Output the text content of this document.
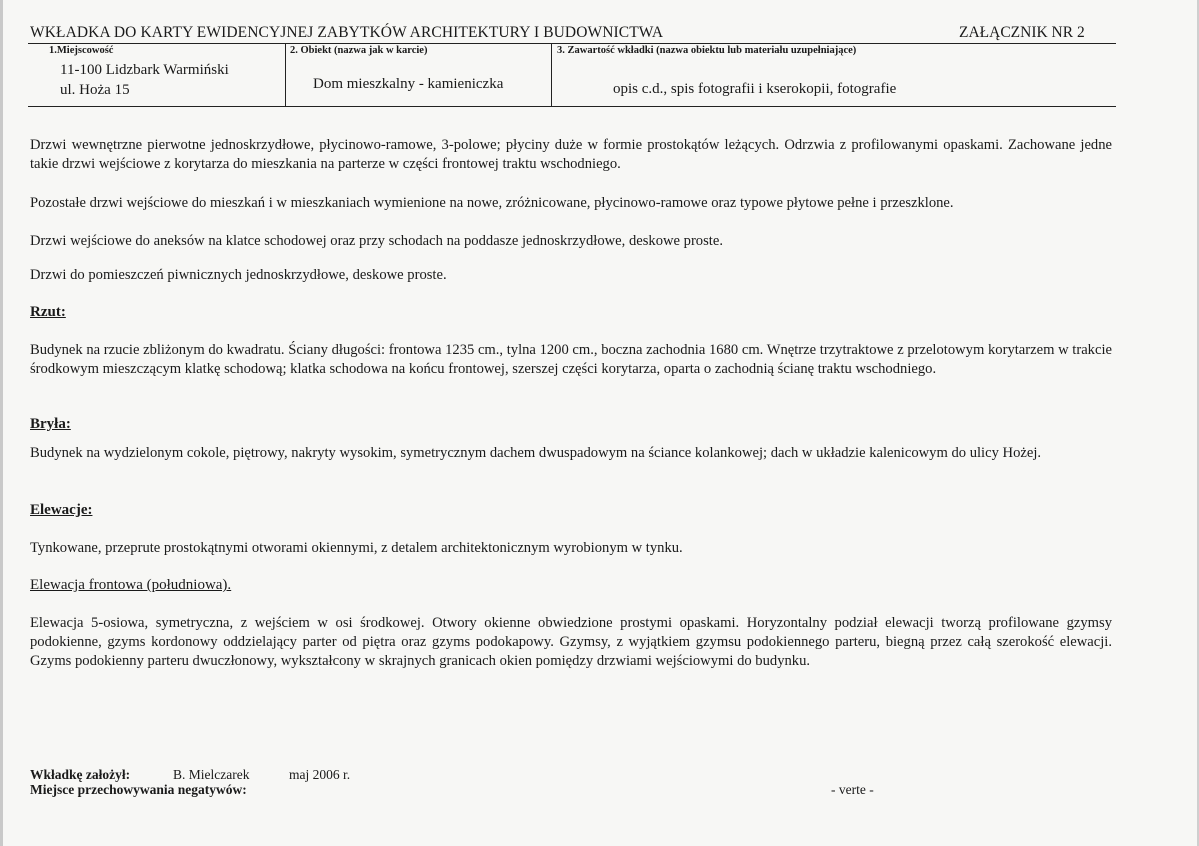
WKŁADKA DO KARTY EWIDENCYJNEJ ZABYTKÓW ARCHITEKTURY I BUDOWNICTWA	ZAŁĄCZNIK NR 2
1.Miejscowość
11-100 Lidzbark Warmiński
ul. Hoża 15
2. Obiekt (nazwa jak w karcie)
Dom mieszkalny - kamieniczka
3. Zawartość wkładki (nazwa obiektu lub materiału uzupełniające)
opis c.d., spis fotografii i kserokopii, fotografie
Drzwi wewnętrzne pierwotne jednoskrzydłowe, płycinowo-ramowe, 3-polowe; płyciny duże w formie prostokątów leżących. Odrzwia z profilowanymi opaskami. Zachowane jedne takie drzwi wejściowe z korytarza do mieszkania na parterze w części frontowej traktu wschodniego.
Pozostałe drzwi wejściowe do mieszkań i w mieszkaniach wymienione na nowe, zróżnicowane, płycinowo-ramowe oraz typowe płytowe pełne i przeszklone.
Drzwi wejściowe do aneksów na klatce schodowej oraz przy schodach na poddasze jednoskrzydłowe, deskowe proste.
Drzwi do pomieszczeń piwnicznych jednoskrzydłowe, deskowe proste.
Rzut:
Budynek na rzucie zbliżonym do kwadratu. Ściany długości: frontowa 1235 cm., tylna 1200 cm., boczna zachodnia 1680 cm. Wnętrze trzytraktowe z przelotowym korytarzem w trakcie środkowym mieszczącym klatkę schodową; klatka schodowa na końcu frontowej, szerszej części korytarza, oparta o zachodnią ścianę traktu wschodniego.
Bryła:
Budynek na wydzielonym cokole, piętrowy, nakryty wysokim, symetrycznym dachem dwuspadowym na ściance kolankowej; dach w układzie kalenicowym do ulicy Hożej.
Elewacje:
Tynkowane, przeprute prostokątnymi otworami okiennymi, z detalem architektonicznym wyrobionym w tynku.
Elewacja frontowa (południowa).
Elewacja 5-osiowa, symetryczna, z wejściem w osi środkowej. Otwory okienne obwiedzione prostymi opaskami. Horyzontalny podział elewacji tworzą profilowane gzymsy podokienne, gzyms kordonowy oddzielający parter od piętra oraz gzyms podokapowy. Gzymsy, z wyjątkiem gzymsu podokiennego parteru, biegną przez całą szerokość elewacji. Gzyms podokienny parteru dwuczłonowy, wykształcony w skrajnych granicach okien pomiędzy drzwiami wejściowymi do budynku.
Wkładkę założył:	B. Mielczarek	maj 2006 r.
Miejsce przechowywania negatywów:	- verte -
